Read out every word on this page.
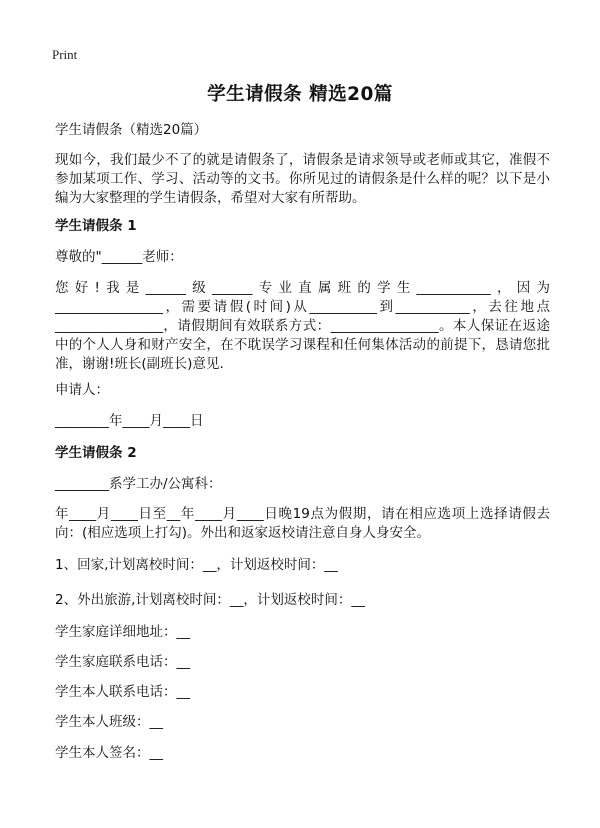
Print
学生请假条 精选20篇
学生请假条（精选20篇）
现如今，我们最少不了的就是请假条了，请假条是请求领导或老师或其它，准假不参加某项工作、学习、活动等的文书。你所见过的请假条是什么样的呢？以下是小编为大家整理的学生请假条，希望对大家有所帮助。
学生请假条 1
尊敬的"______老师：
您好!我是______级______专业直属班的学生___________，因为________________，需要请假(时间)从__________到___________，去往地点________________，请假期间有效联系方式：________________。本人保证在返途中的个人人身和财产安全，在不耽误学习课程和任何集体活动的前提下，恳请您批准，谢谢!班长(副班长)意见.
申请人：
________年____月____日
学生请假条 2
________系学工办/公寓科：
年____月____日至__年____月____日晚19点为假期，请在相应选项上选择请假去向：(相应选项上打勾)。外出和返家返校请注意自身人身安全。
1、回家,计划离校时间：__，计划返校时间：__
2、外出旅游,计划离校时间：__，计划返校时间：__
学生家庭详细地址：__
学生家庭联系电话：__
学生本人联系电话：__
学生本人班级：__
学生本人签名：__
